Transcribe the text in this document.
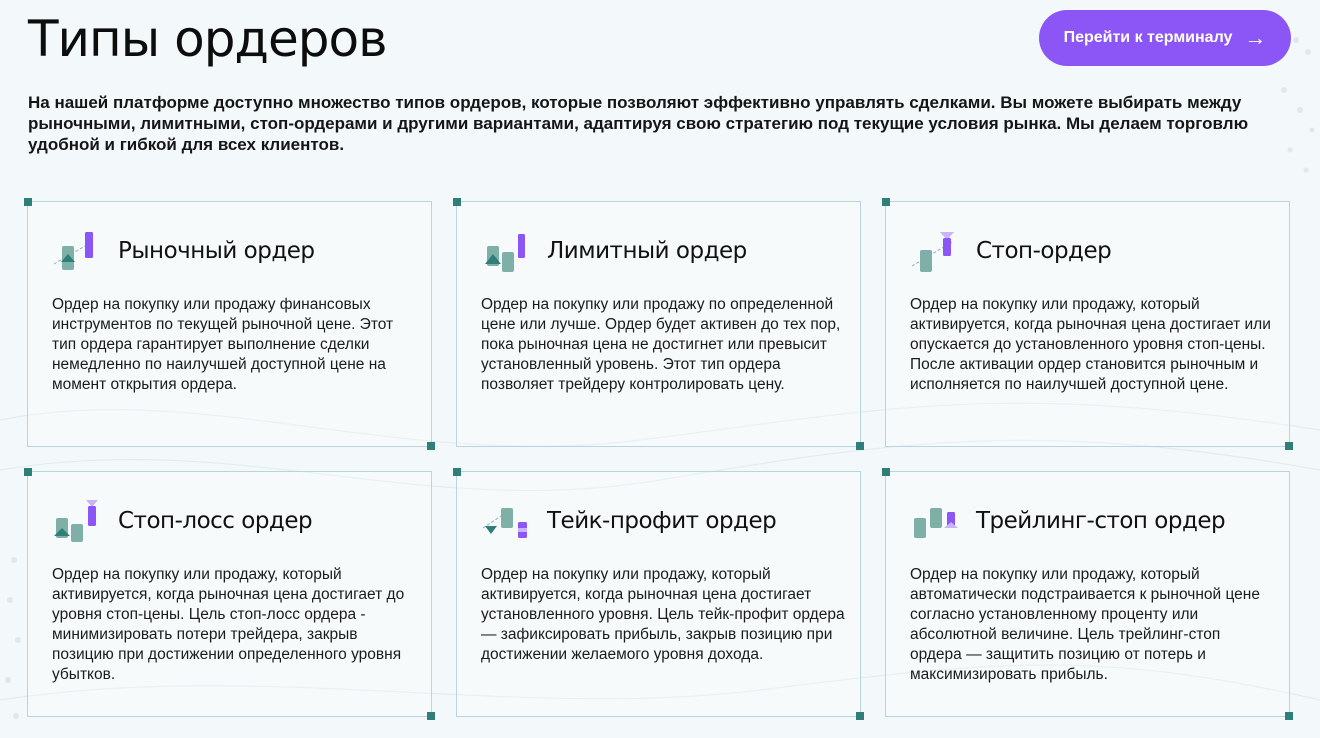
Типы ордеров	Перейти к терминалу →

На нашей платформе доступно множество типов ордеров, которые позволяют эффективно управлять сделками. Вы можете выбирать между рыночными, лимитными, стоп-ордерами и другими вариантами, адаптируя свою стратегию под текущие условия рынка. Мы делаем торговлю удобной и гибкой для всех клиентов.

Рыночный ордер

Ордер на покупку или продажу финансовых инструментов по текущей рыночной цене. Этот тип ордера гарантирует выполнение сделки немедленно по наилучшей доступной цене на момент открытия ордера.

Лимитный ордер

Ордер на покупку или продажу по определенной цене или лучше. Ордер будет активен до тех пор, пока рыночная цена не достигнет или превысит установленный уровень. Этот тип ордера позволяет трейдеру контролировать цену.

Стоп-ордер

Ордер на покупку или продажу, который активируется, когда рыночная цена достигает или опускается до установленного уровня стоп-цены. После активации ордер становится рыночным и исполняется по наилучшей доступной цене.

Стоп-лосс ордер

Ордер на покупку или продажу, который активируется, когда рыночная цена достигает до уровня стоп-цены. Цель стоп-лосс ордера - минимизировать потери трейдера, закрыв позицию при достижении определенного уровня убытков.

Тейк-профит ордер

Ордер на покупку или продажу, который активируется, когда рыночная цена достигает установленного уровня. Цель тейк-профит ордера — зафиксировать прибыль, закрыв позицию при достижении желаемого уровня дохода.

Трейлинг-стоп ордер

Ордер на покупку или продажу, который автоматически подстраивается к рыночной цене согласно установленному проценту или абсолютной величине. Цель трейлинг-стоп ордера — защитить позицию от потерь и максимизировать прибыль.
